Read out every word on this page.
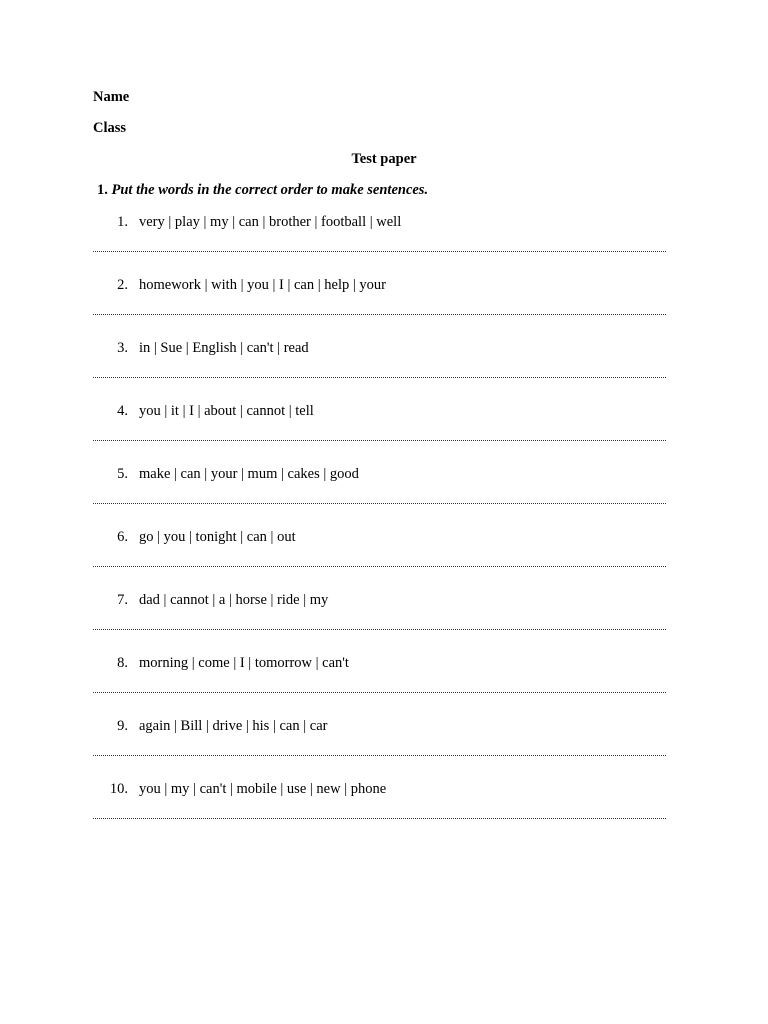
Name
Class
Test paper
1. Put the words in the correct order to make sentences.
1. very | play | my | can | brother | football | well
2. homework | with | you | I | can | help | your
3. in | Sue | English | can't | read
4. you | it | I | about | cannot | tell
5. make | can | your | mum | cakes | good
6. go | you | tonight | can | out
7. dad | cannot | a | horse | ride | my
8. morning | come | I | tomorrow | can't
9. again | Bill | drive | his | can | car
10. you | my | can't | mobile | use | new | phone
